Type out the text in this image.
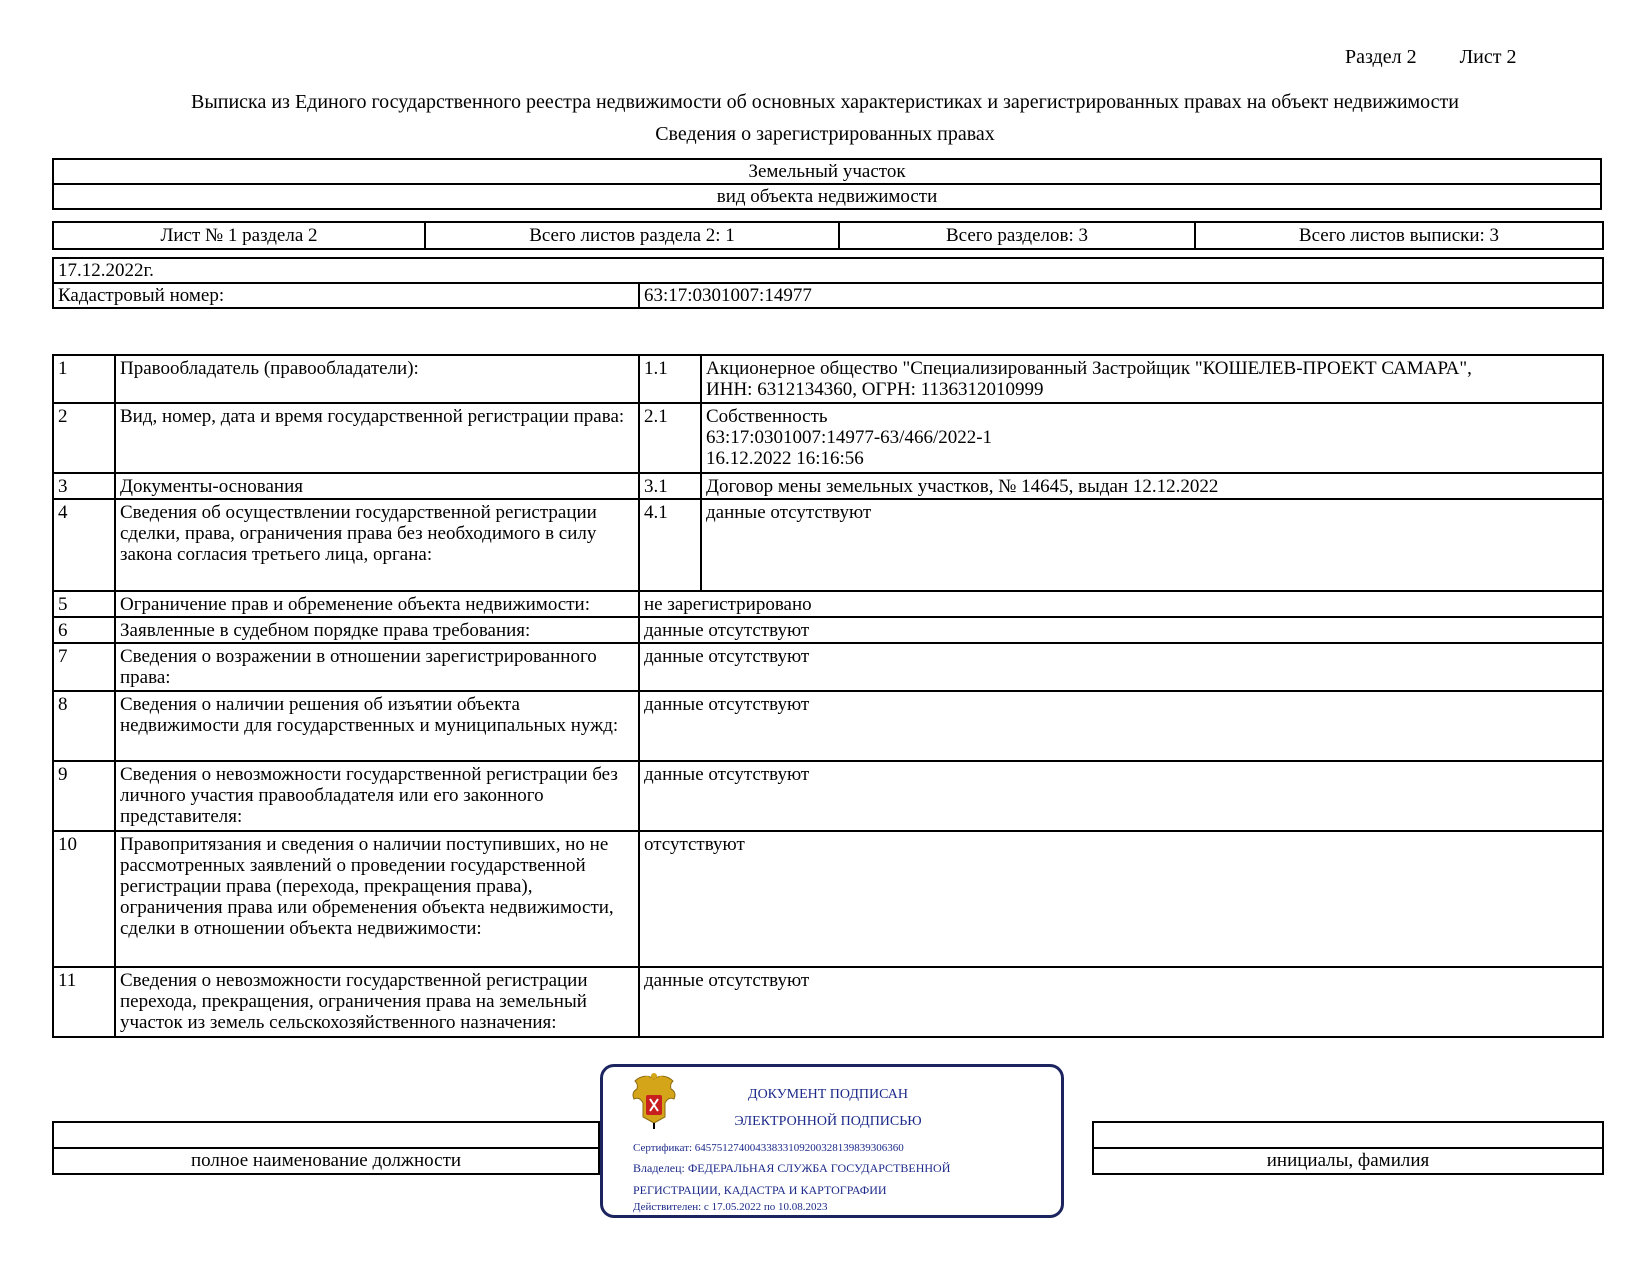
Раздел 2 Лист 2
Выписка из Единого государственного реестра недвижимости об основных характеристиках и зарегистрированных правах на объект недвижимости
Сведения о зарегистрированных правах
Земельный участок
вид объекта недвижимости
Лист № 1 раздела 2	Всего листов раздела 2: 1	Всего разделов: 3	Всего листов выписки: 3
17.12.2022г.
Кадастровый номер:	63:17:0301007:14977
1	Правообладатель (правообладатели):	1.1	Акционерное общество "Специализированный Застройщик "КОШЕЛЕВ-ПРОЕКТ САМАРА",
ИНН: 6312134360, ОГРН: 1136312010999
2	Вид, номер, дата и время государственной регистрации права:	2.1	Собственность
63:17:0301007:14977-63/466/2022-1
16.12.2022 16:16:56
3	Документы-основания	3.1	Договор мены земельных участков, № 14645, выдан 12.12.2022
4	Сведения об осуществлении государственной регистрации сделки, права, ограничения права без необходимого в силу закона согласия третьего лица, органа:	4.1	данные отсутствуют
5	Ограничение прав и обременение объекта недвижимости:	не зарегистрировано	
6	Заявленные в судебном порядке права требования:	данные отсутствуют	
7	Сведения о возражении в отношении зарегистрированного права:	данные отсутствуют	
8	Сведения о наличии решения об изъятии объекта недвижимости для государственных и муниципальных нужд:	данные отсутствуют	
9	Сведения о невозможности государственной регистрации без личного участия правообладателя или его законного представителя:	данные отсутствуют	
10	Правопритязания и сведения о наличии поступивших, но не рассмотренных заявлений о проведении государственной регистрации права (перехода, прекращения права), ограничения права или обременения объекта недвижимости, сделки в отношении объекта недвижимости:	отсутствуют	
11	Сведения о невозможности государственной регистрации перехода, прекращения, ограничения права на земельный участок из земель сельскохозяйственного назначения:	данные отсутствуют	

полное наименование должности		инициалы, фамилия
ДОКУМЕНТ ПОДПИСАН
ЭЛЕКТРОННОЙ ПОДПИСЬЮ
Сертификат: 6457512740043383310920032813983930636​0
Владелец: ФЕДЕРАЛЬНАЯ СЛУЖБА ГОСУДАРСТВЕННОЙ
РЕГИСТРАЦИИ, КАДАСТРА И КАРТОГРАФИИ
Действителен: с 17.05.2022 по 10.08.2023
